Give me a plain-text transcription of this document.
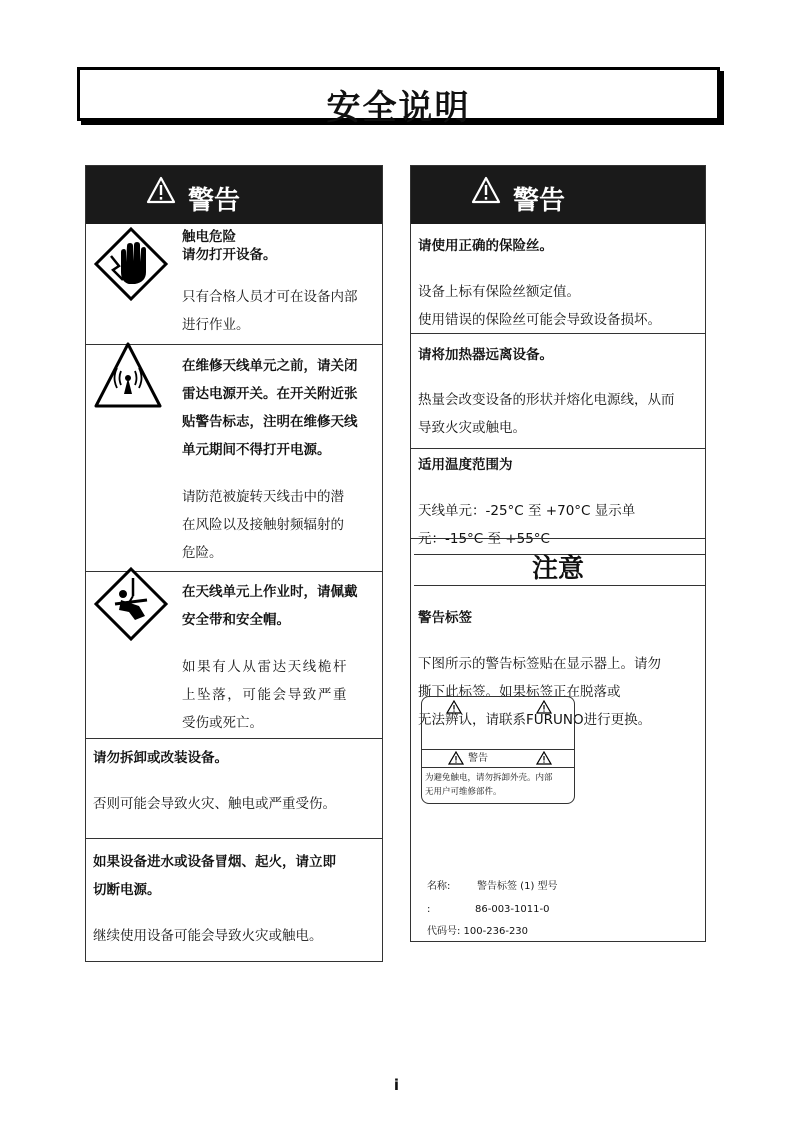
安全说明
警告
触电危险
请勿打开设备。
只有合格人员才可在设备内部
进行作业。
在维修天线单元之前，请关闭
雷达电源开关。在开关附近张
贴警告标志，注明在维修天线
单元期间不得打开电源。
请防范被旋转天线击中的潜
在风险以及接触射频辐射的
危险。
在天线单元上作业时，请佩戴
安全带和安全帽。
如果有人从雷达天线桅杆
上坠落，可能会导致严重
受伤或死亡。
请勿拆卸或改装设备。
否则可能会导致火灾、触电或严重受伤。
如果设备进水或设备冒烟、起火，请立即
切断电源。
继续使用设备可能会导致火灾或触电。
警告
请使用正确的保险丝。
设备上标有保险丝额定值。
使用错误的保险丝可能会导致设备损坏。
请将加热器远离设备。
热量会改变设备的形状并熔化电源线，从而
导致火灾或触电。
适用温度范围为
天线单元：-25°C 至 +70°C 显示单
元：-15°C 至 +55°C
注意
警告标签
下图所示的警告标签贴在显示器上。请勿
撕下此标签。如果标签正在脱落或
无法辨认，请联系FURUNO进行更换。
警告
为避免触电，请勿拆卸外壳。内部
无用户可维修部件。
名称:	警告标签 (1) 型号
:	86-003-1011-0
代码号: 100-236-230
i
